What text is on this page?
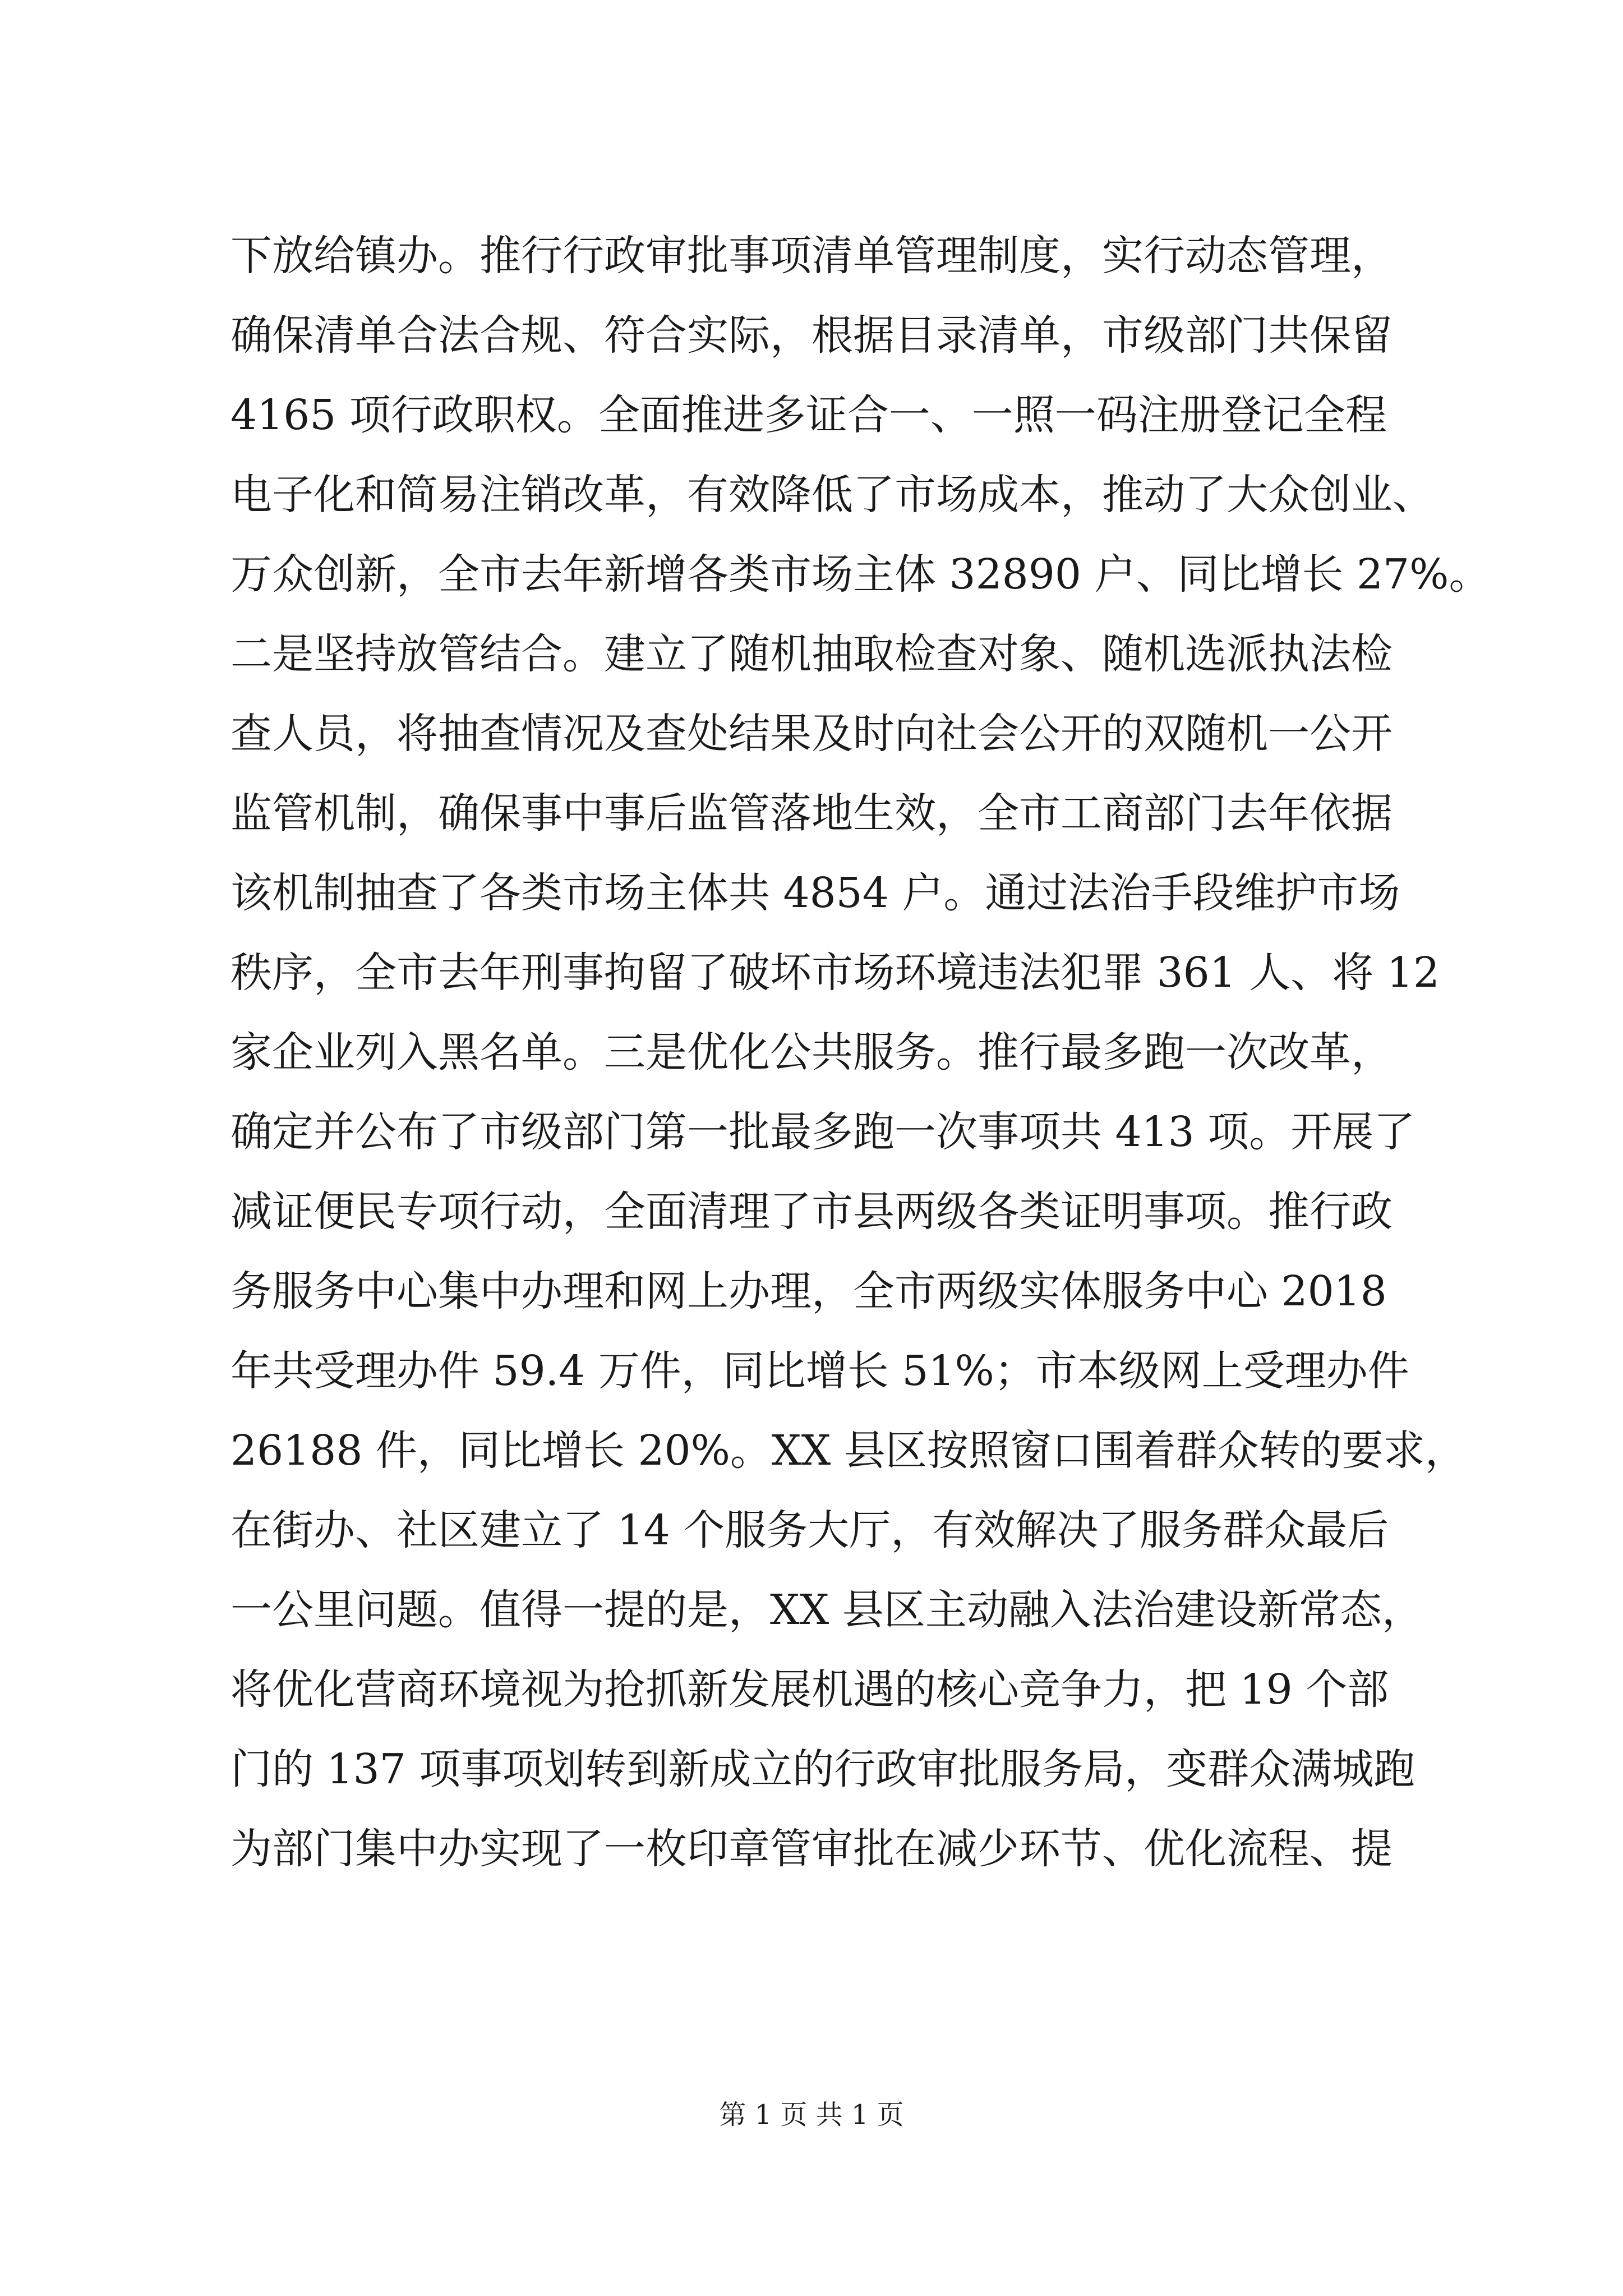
下放给镇办。推行行政审批事项清单管理制度，实行动态管理，
确保清单合法合规、符合实际，根据目录清单，市级部门共保留
4165 项行政职权。全面推进多证合一、一照一码注册登记全程
电子化和简易注销改革，有效降低了市场成本，推动了大众创业、
万众创新，全市去年新增各类市场主体 32890 户、同比增长 27%。
二是坚持放管结合。建立了随机抽取检查对象、随机选派执法检
查人员，将抽查情况及查处结果及时向社会公开的双随机一公开
监管机制，确保事中事后监管落地生效，全市工商部门去年依据
该机制抽查了各类市场主体共 4854 户。通过法治手段维护市场
秩序，全市去年刑事拘留了破坏市场环境违法犯罪 361 人、将 12
家企业列入黑名单。三是优化公共服务。推行最多跑一次改革，
确定并公布了市级部门第一批最多跑一次事项共 413 项。开展了
减证便民专项行动，全面清理了市县两级各类证明事项。推行政
务服务中心集中办理和网上办理，全市两级实体服务中心 2018
年共受理办件 59.4 万件，同比增长 51%；市本级网上受理办件
26188 件，同比增长 20%。XX 县区按照窗口围着群众转的要求，
在街办、社区建立了 14 个服务大厅，有效解决了服务群众最后
一公里问题。值得一提的是，XX 县区主动融入法治建设新常态，
将优化营商环境视为抢抓新发展机遇的核心竞争力，把 19 个部
门的 137 项事项划转到新成立的行政审批服务局，变群众满城跑
为部门集中办实现了一枚印章管审批在减少环节、优化流程、提
第 1 页 共 1 页
